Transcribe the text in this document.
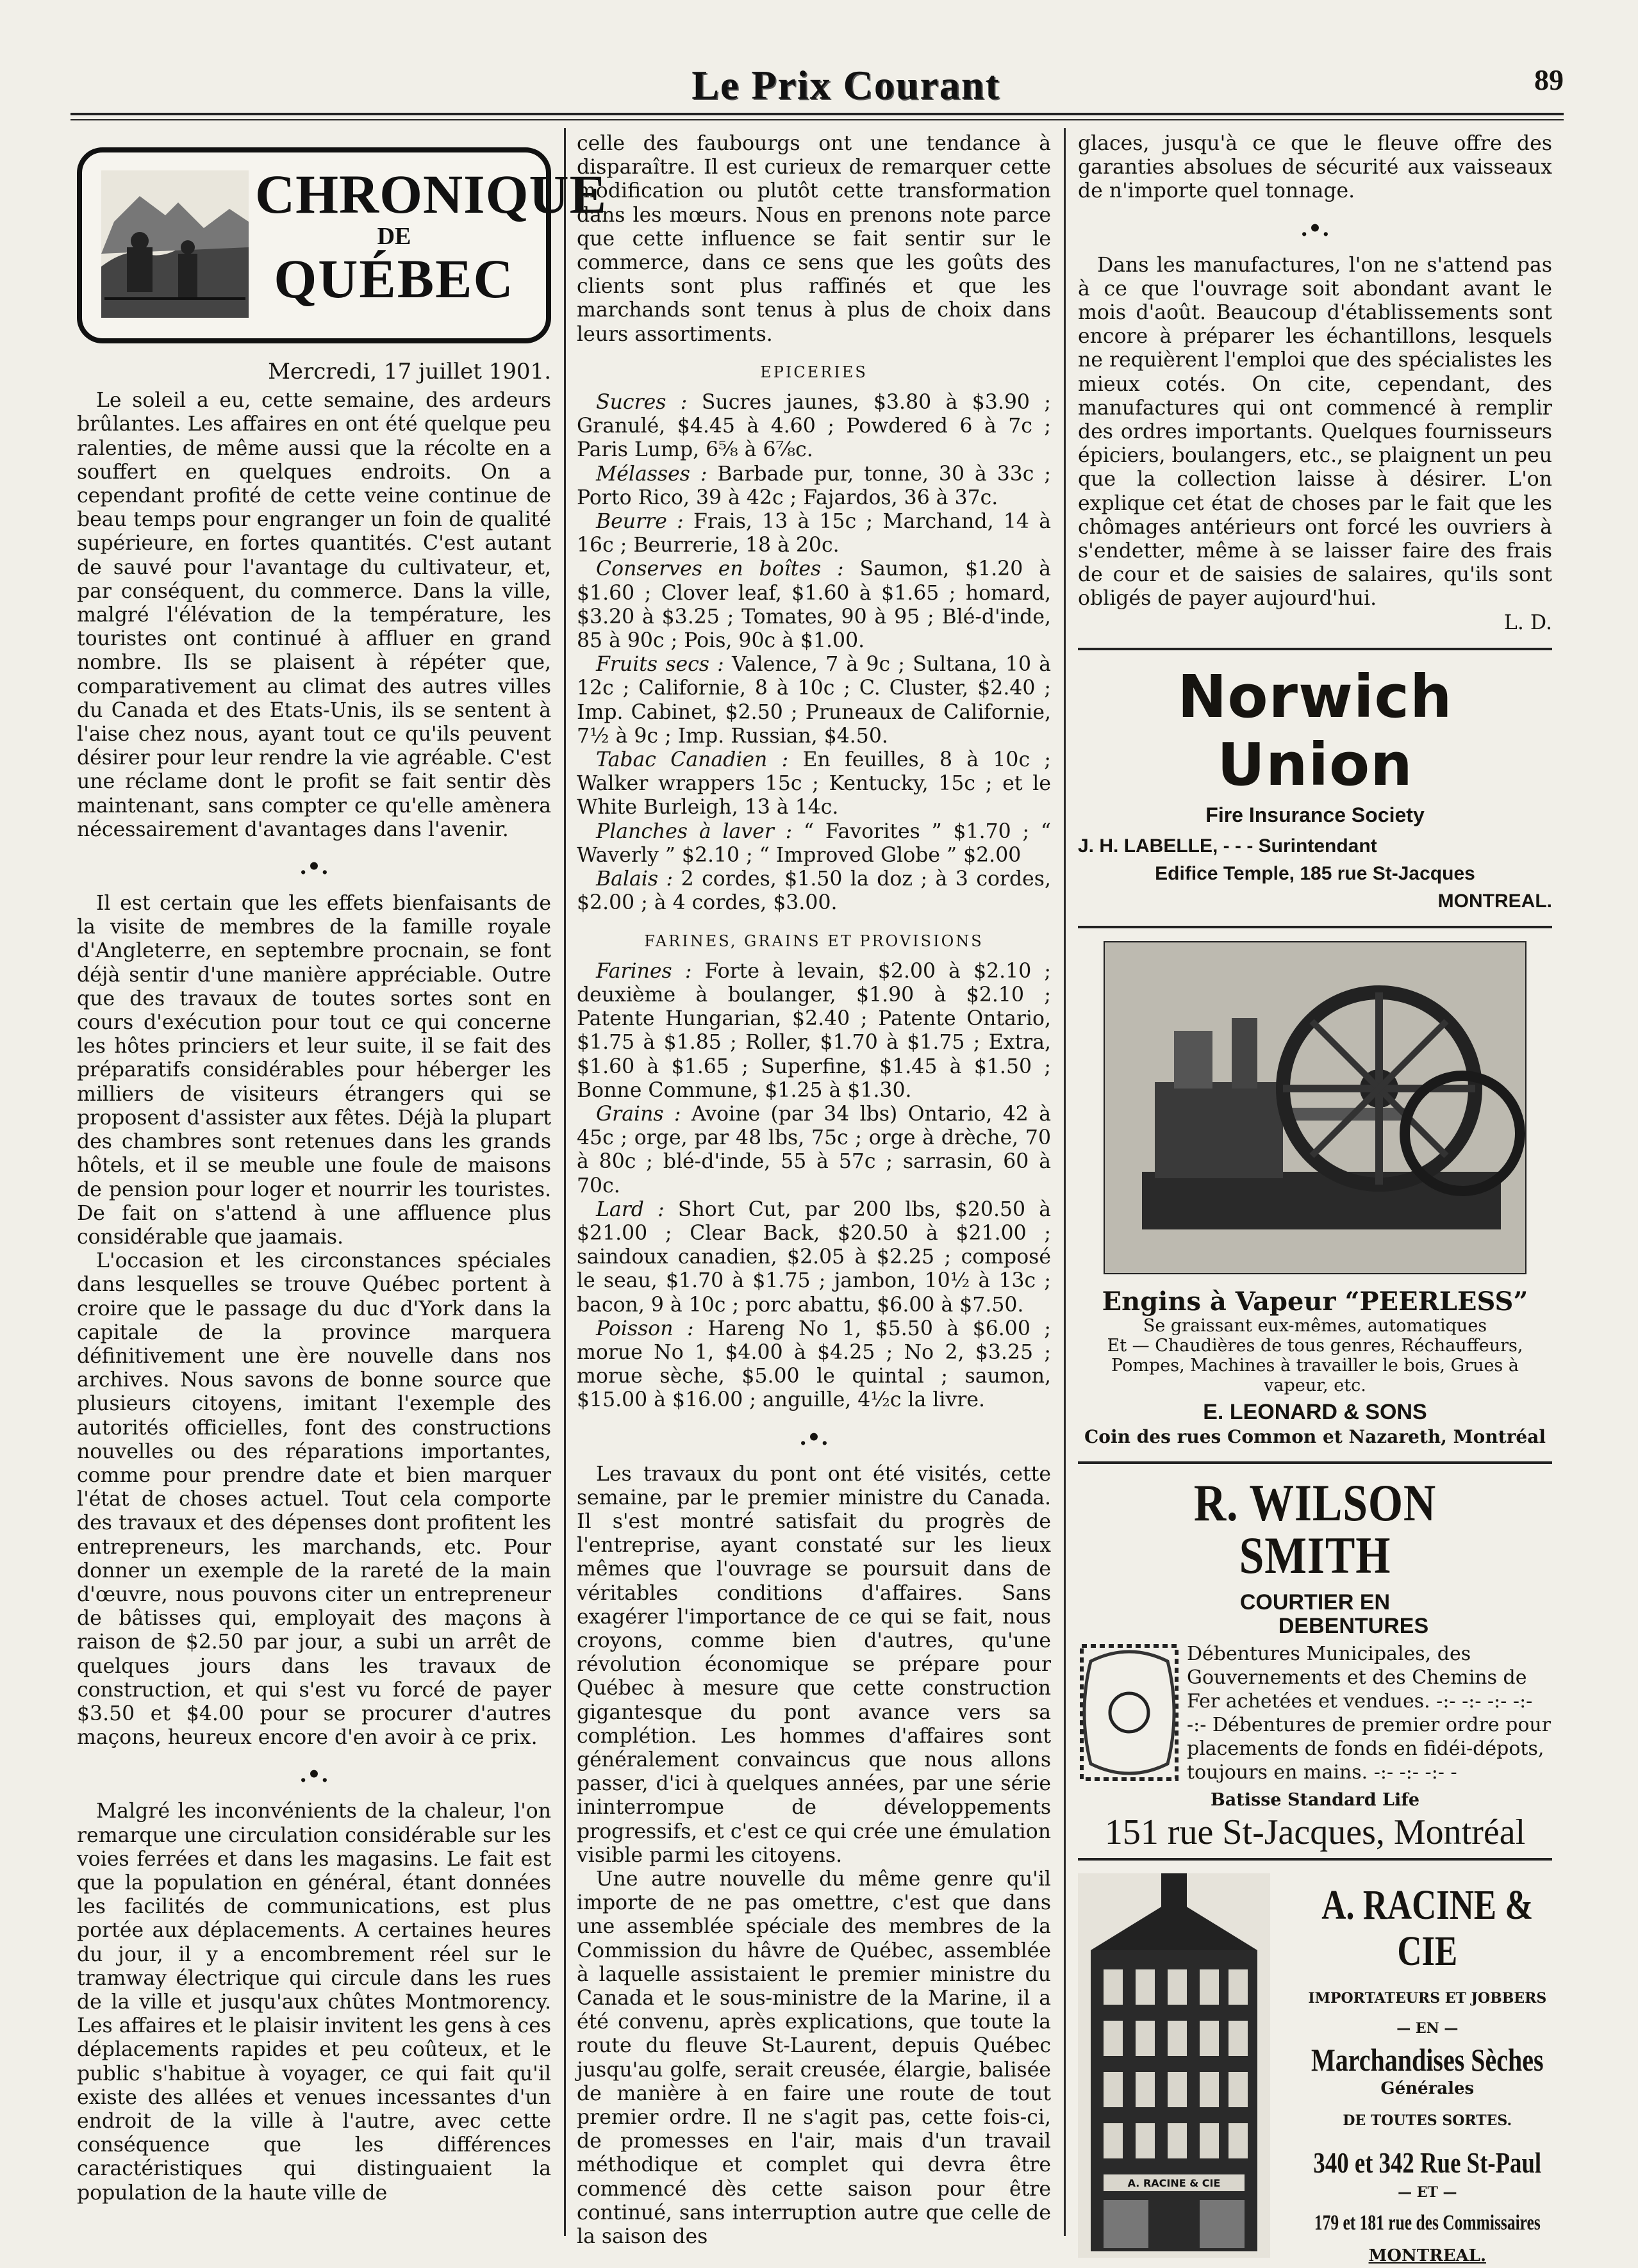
Le Prix Courant	89
CHRONIQUE
DE
QUÉBEC
Mercredi, 17 juillet 1901.

Le soleil a eu, cette semaine, des ardeurs brûlantes. Les affaires en ont été quelque peu ralenties, de même aussi que la récolte en a souffert en quelques endroits. On a cependant profité de cette veine continue de beau temps pour engranger un foin de qualité supérieure, en fortes quantités. C'est autant de sauvé pour l'avantage du cultivateur, et, par conséquent, du commerce. Dans la ville, malgré l'élévation de la température, les touristes ont continué à affluer en grand nombre. Ils se plaisent à répéter que, comparativement au climat des autres villes du Canada et des Etats-Unis, ils se sentent à l'aise chez nous, ayant tout ce qu'ils peuvent désirer pour leur rendre la vie agréable. C'est une réclame dont le profit se fait sentir dès maintenant, sans compter ce qu'elle amènera nécessairement d'avantages dans l'avenir.

.•.

Il est certain que les effets bienfaisants de la visite de membres de la famille royale d'Angleterre, en septembre procnain, se font déjà sentir d'une manière appréciable. Outre que des travaux de toutes sortes sont en cours d'exécution pour tout ce qui concerne les hôtes princiers et leur suite, il se fait des préparatifs considérables pour héberger les milliers de visiteurs étrangers qui se proposent d'assister aux fêtes. Déjà la plupart des chambres sont retenues dans les grands hôtels, et il se meuble une foule de maisons de pension pour loger et nourrir les touristes. De fait on s'attend à une affluence plus considérable que jaamais.

L'occasion et les circonstances spéciales dans lesquelles se trouve Québec portent à croire que le passage du duc d'York dans la capitale de la province marquera définitivement une ère nouvelle dans nos archives. Nous savons de bonne source que plusieurs citoyens, imitant l'exemple des autorités officielles, font des constructions nouvelles ou des réparations importantes, comme pour prendre date et bien marquer l'état de choses actuel. Tout cela comporte des travaux et des dépenses dont profitent les entrepreneurs, les marchands, etc. Pour donner un exemple de la rareté de la main d'œuvre, nous pouvons citer un entrepreneur de bâtisses qui, employait des maçons à raison de $2.50 par jour, a subi un arrêt de quelques jours dans les travaux de construction, et qui s'est vu forcé de payer $3.50 et $4.00 pour se procurer d'autres maçons, heureux encore d'en avoir à ce prix.

.•.

Malgré les inconvénients de la chaleur, l'on remarque une circulation considérable sur les voies ferrées et dans les magasins. Le fait est que la population en général, étant données les facilités de communications, est plus portée aux déplacements. A certaines heures du jour, il y a encombrement réel sur le tramway électrique qui circule dans les rues de la ville et jusqu'aux chûtes Montmorency. Les affaires et le plaisir invitent les gens à ces déplacements rapides et peu coûteux, et le public s'habitue à voyager, ce qui fait qu'il existe des allées et venues incessantes d'un endroit de la ville à l'autre, avec cette conséquence que les différences caractéristiques qui distinguaient la population de la haute ville de

celle des faubourgs ont une tendance à disparaître. Il est curieux de remarquer cette modification ou plutôt cette transformation dans les mœurs. Nous en prenons note parce que cette influence se fait sentir sur le commerce, dans ce sens que les goûts des clients sont plus raffinés et que les marchands sont tenus à plus de choix dans leurs assortiments.

EPICERIES

Sucres : Sucres jaunes, $3.80 à $3.90 ; Granulé, $4.45 à 4.60 ; Powdered 6 à 7c ; Paris Lump, 6⅝ à 6⅞c.

Mélasses : Barbade pur, tonne, 30 à 33c ; Porto Rico, 39 à 42c ; Fajardos, 36 à 37c.

Beurre : Frais, 13 à 15c ; Marchand, 14 à 16c ; Beurrerie, 18 à 20c.

Conserves en boîtes : Saumon, $1.20 à $1.60 ; Clover leaf, $1.60 à $1.65 ; homard, $3.20 à $3.25 ; Tomates, 90 à 95 ; Blé-d'inde, 85 à 90c ; Pois, 90c à $1.00.

Fruits secs : Valence, 7 à 9c ; Sultana, 10 à 12c ; Californie, 8 à 10c ; C. Cluster, $2.40 ; Imp. Cabinet, $2.50 ; Pruneaux de Californie, 7½ à 9c ; Imp. Russian, $4.50.

Tabac Canadien : En feuilles, 8 à 10c ; Walker wrappers 15c ; Kentucky, 15c ; et le White Burleigh, 13 à 14c.

Planches à laver : “ Favorites ” $1.70 ; “ Waverly ” $2.10 ; “ Improved Globe ” $2.00

Balais : 2 cordes, $1.50 la doz ; à 3 cordes, $2.00 ; à 4 cordes, $3.00.

FARINES, GRAINS ET PROVISIONS

Farines : Forte à levain, $2.00 à $2.10 ; deuxième à boulanger, $1.90 à $2.10 ; Patente Hungarian, $2.40 ; Patente Ontario, $1.75 à $1.85 ; Roller, $1.70 à $1.75 ; Extra, $1.60 à $1.65 ; Superfine, $1.45 à $1.50 ; Bonne Commune, $1.25 à $1.30.

Grains : Avoine (par 34 lbs) Ontario, 42 à 45c ; orge, par 48 lbs, 75c ; orge à drèche, 70 à 80c ; blé-d'inde, 55 à 57c ; sarrasin, 60 à 70c.

Lard : Short Cut, par 200 lbs, $20.50 à $21.00 ; Clear Back, $20.50 à $21.00 ; saindoux canadien, $2.05 à $2.25 ; composé le seau, $1.70 à $1.75 ; jambon, 10½ à 13c ; bacon, 9 à 10c ; porc abattu, $6.00 à $7.50.

Poisson : Hareng No 1, $5.50 à $6.00 ; morue No 1, $4.00 à $4.25 ; No 2, $3.25 ; morue sèche, $5.00 le quintal ; saumon, $15.00 à $16.00 ; anguille, 4½c la livre.

.•.

Les travaux du pont ont été visités, cette semaine, par le premier ministre du Canada. Il s'est montré satisfait du progrès de l'entreprise, ayant constaté sur les lieux mêmes que l'ouvrage se poursuit dans de véritables conditions d'affaires. Sans exagérer l'importance de ce qui se fait, nous croyons, comme bien d'autres, qu'une révolution économique se prépare pour Québec à mesure que cette construction gigantesque du pont avance vers sa complétion. Les hommes d'affaires sont généralement convaincus que nous allons passer, d'ici à quelques années, par une série ininterrompue de développements progressifs, et c'est ce qui crée une émulation visible parmi les citoyens.

Une autre nouvelle du même genre qu'il importe de ne pas omettre, c'est que dans une assemblée spéciale des membres de la Commission du hâvre de Québec, assemblée à laquelle assistaient le premier ministre du Canada et le sous-ministre de la Marine, il a été convenu, après explications, que toute la route du fleuve St-Laurent, depuis Québec jusqu'au golfe, serait creusée, élargie, balisée de manière à en faire une route de tout premier ordre. Il ne s'agit pas, cette fois-ci, de promesses en l'air, mais d'un travail méthodique et complet qui devra être commencé dès cette saison pour être continué, sans interruption autre que celle de la saison des

glaces, jusqu'à ce que le fleuve offre des garanties absolues de sécurité aux vaisseaux de n'importe quel tonnage.

.•.

Dans les manufactures, l'on ne s'attend pas à ce que l'ouvrage soit abondant avant le mois d'août. Beaucoup d'établissements sont encore à préparer les échantillons, lesquels ne requièrent l'emploi que des spécialistes les mieux cotés. On cite, cependant, des manufactures qui ont commencé à remplir des ordres importants. Quelques fournisseurs épiciers, boulangers, etc., se plaignent un peu que la collection laisse à désirer. L'on explique cet état de choses par le fait que les chômages antérieurs ont forcé les ouvriers à s'endetter, même à se laisser faire des frais de cour et de saisies de salaires, qu'ils sont obligés de payer aujourd'hui.

L. D.

Norwich Union
Fire Insurance Society
J. H. LABELLE, - - - Surintendant
Edifice Temple, 185 rue St-Jacques
MONTREAL.
Engins à Vapeur “PEERLESS”
Se graissant eux-mêmes, automatiques
Et — Chaudières de tous genres, Réchauffeurs, Pompes, Machines à travailler le bois, Grues à vapeur, etc.
E. LEONARD & SONS
Coin des rues Common et Nazareth, Montréal
R. WILSON SMITH
COURTIER EN
DEBENTURES
Débentures Municipales, des Gouvernements et des Chemins de Fer achetées et vendues. -:- -:- -:- -:- -:- Débentures de premier ordre pour placements de fonds en fidéi-dépots, toujours en mains. -:- -:- -:- -
Batisse Standard Life
151 rue St-Jacques, Montréal
A. RACINE & CIE
A. RACINE & CIE
IMPORTATEURS ET JOBBERS
— EN —
Marchandises Sèches
Générales
DE TOUTES SORTES.
340 et 342 Rue St-Paul
— ET —
179 et 181 rue des Commissaires
MONTREAL.
